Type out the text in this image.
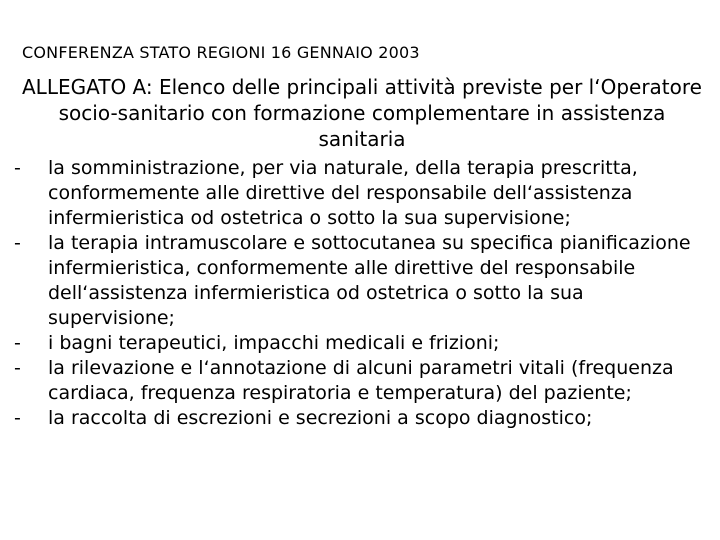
CONFERENZA STATO REGIONI 16 GENNAIO 2003
ALLEGATO A: Elenco delle principali attività previste per l‘Operatore socio-sanitario con formazione complementare in assistenza sanitaria
- la somministrazione, per via naturale, della terapia prescritta, conformemente alle direttive del responsabile dell‘assistenza infermieristica od ostetrica o sotto la sua supervisione;
- la terapia intramuscolare e sottocutanea su specifica pianificazione infermieristica, conformemente alle direttive del responsabile dell‘assistenza infermieristica od ostetrica o sotto la sua supervisione;
- i bagni terapeutici, impacchi medicali e frizioni;
- la rilevazione e l‘annotazione di alcuni parametri vitali (frequenza cardiaca, frequenza respiratoria e temperatura) del paziente;
- la raccolta di escrezioni e secrezioni a scopo diagnostico;
